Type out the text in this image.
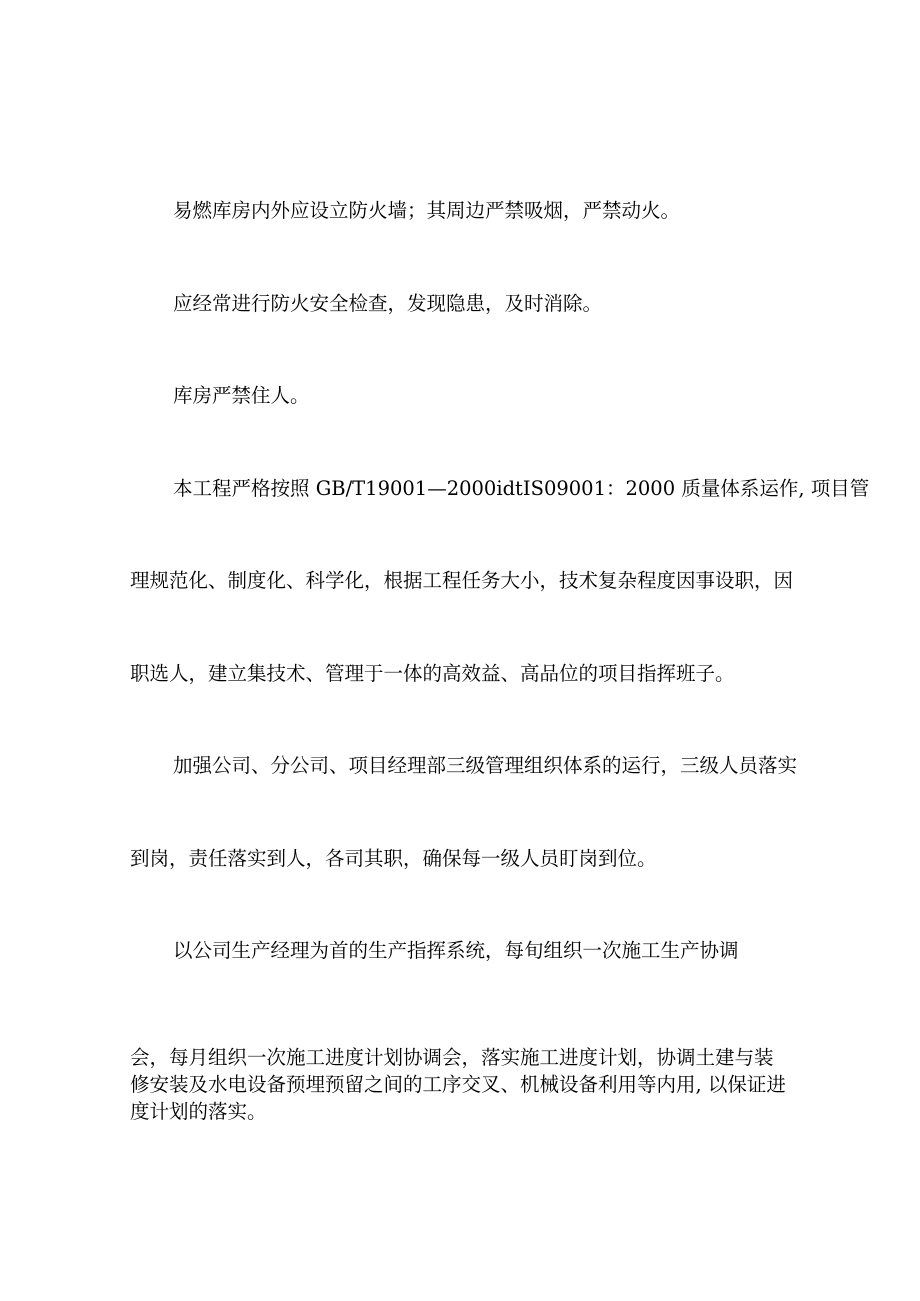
易燃库房内外应设立防火墙；其周边严禁吸烟，严禁动火。
应经常进行防火安全检查，发现隐患，及时消除。
库房严禁住人。
本工程严格按照 GB/T19001—2000idtIS09001：2000 质量体系运作, 项目管
理规范化、制度化、科学化，根据工程任务大小，技术复杂程度因事设职，因
职选人，建立集技术、管理于一体的高效益、高品位的项目指挥班子。
加强公司、分公司、项目经理部三级管理组织体系的运行，三级人员落实
到岗，责任落实到人，各司其职，确保每一级人员盯岗到位。
以公司生产经理为首的生产指挥系统，每旬组织一次施工生产协调
会，每月组织一次施工进度计划协调会，落实施工进度计划，协调土建与装
修安装及水电设备预埋预留之间的工序交叉、机械设备利用等内用, 以保证进
度计划的落实。
